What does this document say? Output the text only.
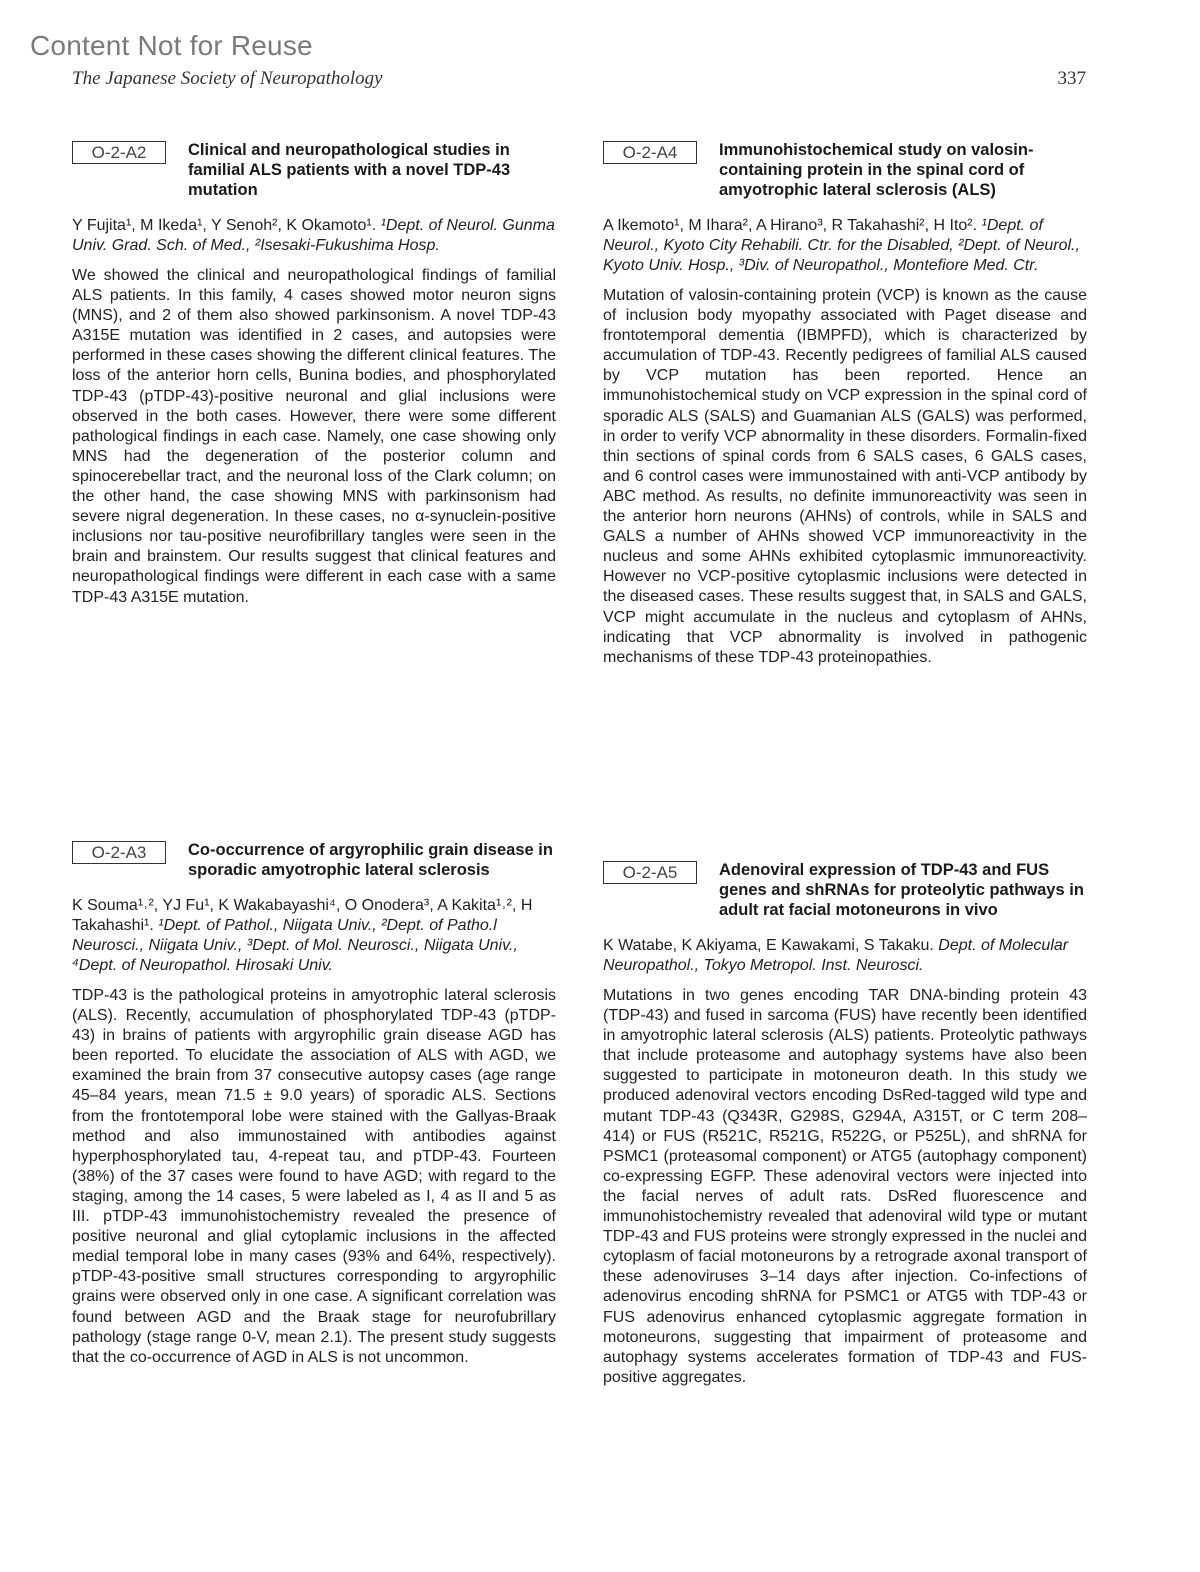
Content Not for Reuse
The Japanese Society of Neuropathology	337
O-2-A2	Clinical and neuropathological studies in familial ALS patients with a novel TDP-43 mutation
Y Fujita¹, M Ikeda¹, Y Senoh², K Okamoto¹. ¹Dept. of Neurol. Gunma Univ. Grad. Sch. of Med., ²Isesaki-Fukushima Hosp.
We showed the clinical and neuropathological findings of familial ALS patients. In this family, 4 cases showed motor neuron signs (MNS), and 2 of them also showed parkinsonism. A novel TDP-43 A315E mutation was identified in 2 cases, and autopsies were performed in these cases showing the different clinical features. The loss of the anterior horn cells, Bunina bodies, and phosphorylated TDP-43 (pTDP-43)-positive neuronal and glial inclusions were observed in the both cases. However, there were some different pathological findings in each case. Namely, one case showing only MNS had the degeneration of the posterior column and spinocerebellar tract, and the neuronal loss of the Clark column; on the other hand, the case showing MNS with parkinsonism had severe nigral degeneration. In these cases, no α-synuclein-positive inclusions nor tau-positive neurofibrillary tangles were seen in the brain and brainstem. Our results suggest that clinical features and neuropathological findings were different in each case with a same TDP-43 A315E mutation.
O-2-A4	Immunohistochemical study on valosin-containing protein in the spinal cord of amyotrophic lateral sclerosis (ALS)
A Ikemoto¹, M Ihara², A Hirano³, R Takahashi², H Ito². ¹Dept. of Neurol., Kyoto City Rehabili. Ctr. for the Disabled, ²Dept. of Neurol., Kyoto Univ. Hosp., ³Div. of Neuropathol., Montefiore Med. Ctr.
Mutation of valosin-containing protein (VCP) is known as the cause of inclusion body myopathy associated with Paget disease and frontotemporal dementia (IBMPFD), which is characterized by accumulation of TDP-43. Recently pedigrees of familial ALS caused by VCP mutation has been reported. Hence an immunohistochemical study on VCP expression in the spinal cord of sporadic ALS (SALS) and Guamanian ALS (GALS) was performed, in order to verify VCP abnormality in these disorders. Formalin-fixed thin sections of spinal cords from 6 SALS cases, 6 GALS cases, and 6 control cases were immunostained with anti-VCP antibody by ABC method. As results, no definite immunoreactivity was seen in the anterior horn neurons (AHNs) of controls, while in SALS and GALS a number of AHNs showed VCP immunoreactivity in the nucleus and some AHNs exhibited cytoplasmic immunoreactivity. However no VCP-positive cytoplasmic inclusions were detected in the diseased cases. These results suggest that, in SALS and GALS, VCP might accumulate in the nucleus and cytoplasm of AHNs, indicating that VCP abnormality is involved in pathogenic mechanisms of these TDP-43 proteinopathies.
O-2-A3	Co-occurrence of argyrophilic grain disease in sporadic amyotrophic lateral sclerosis
K Souma¹˒², YJ Fu¹, K Wakabayashi⁴, O Onodera³, A Kakita¹˒², H Takahashi¹. ¹Dept. of Pathol., Niigata Univ., ²Dept. of Patho.l Neurosci., Niigata Univ., ³Dept. of Mol. Neurosci., Niigata Univ., ⁴Dept. of Neuropathol. Hirosaki Univ.
TDP-43 is the pathological proteins in amyotrophic lateral sclerosis (ALS). Recently, accumulation of phosphorylated TDP-43 (pTDP-43) in brains of patients with argyrophilic grain disease AGD has been reported. To elucidate the association of ALS with AGD, we examined the brain from 37 consecutive autopsy cases (age range 45–84 years, mean 71.5 ± 9.0 years) of sporadic ALS. Sections from the frontotemporal lobe were stained with the Gallyas-Braak method and also immunostained with antibodies against hyperphosphorylated tau, 4-repeat tau, and pTDP-43. Fourteen (38%) of the 37 cases were found to have AGD; with regard to the staging, among the 14 cases, 5 were labeled as I, 4 as II and 5 as III. pTDP-43 immunohistochemistry revealed the presence of positive neuronal and glial cytoplamic inclusions in the affected medial temporal lobe in many cases (93% and 64%, respectively). pTDP-43-positive small structures corresponding to argyrophilic grains were observed only in one case. A significant correlation was found between AGD and the Braak stage for neurofubrillary pathology (stage range 0-V, mean 2.1). The present study suggests that the co-occurrence of AGD in ALS is not uncommon.
O-2-A5	Adenoviral expression of TDP-43 and FUS genes and shRNAs for proteolytic pathways in adult rat facial motoneurons in vivo
K Watabe, K Akiyama, E Kawakami, S Takaku. Dept. of Molecular Neuropathol., Tokyo Metropol. Inst. Neurosci.
Mutations in two genes encoding TAR DNA-binding protein 43 (TDP-43) and fused in sarcoma (FUS) have recently been identified in amyotrophic lateral sclerosis (ALS) patients. Proteolytic pathways that include proteasome and autophagy systems have also been suggested to participate in motoneuron death. In this study we produced adenoviral vectors encoding DsRed-tagged wild type and mutant TDP-43 (Q343R, G298S, G294A, A315T, or C term 208–414) or FUS (R521C, R521G, R522G, or P525L), and shRNA for PSMC1 (proteasomal component) or ATG5 (autophagy component) co-expressing EGFP. These adenoviral vectors were injected into the facial nerves of adult rats. DsRed fluorescence and immunohistochemistry revealed that adenoviral wild type or mutant TDP-43 and FUS proteins were strongly expressed in the nuclei and cytoplasm of facial motoneurons by a retrograde axonal transport of these adenoviruses 3–14 days after injection. Co-infections of adenovirus encoding shRNA for PSMC1 or ATG5 with TDP-43 or FUS adenovirus enhanced cytoplasmic aggregate formation in motoneurons, suggesting that impairment of proteasome and autophagy systems accelerates formation of TDP-43 and FUS-positive aggregates.
